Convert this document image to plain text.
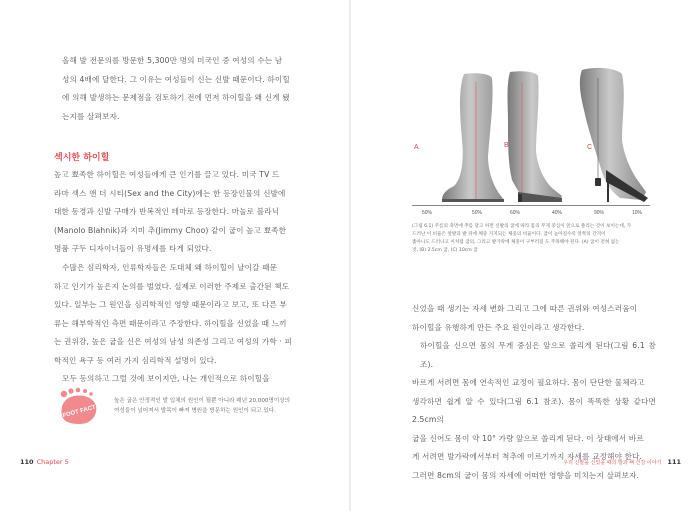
올해 발 전문의를 방문한 5,300만 명의 미국인 중 여성의 수는 남
성의 4배에 달한다. 그 이유는 여성들이 신는 신발 때문이다. 하이힐
에 의해 발생하는 문제점을 검토하기 전에 먼저 하이힐을 왜 신게 됐
는지를 살펴보자.

섹시한 하이힐

높고 뾰족한 하이힐은 여성들에게 큰 인기를 끌고 있다. 미국 TV 드
라마 섹스 앤 더 시티(Sex and the City)에는 한 등장인물의 신발에
대한 동경과 신발 구매가 반복적인 테마로 등장한다. 마놀로 블라닉
(Manolo Blahnik)과 지미 추(Jimmy Choo) 같이 굽이 높고 뾰족한
명품 구두 디자이너들이 유명세를 타게 되었다.
수많은 심리학자, 인류학자들은 도대체 왜 하이힐이 날이갈 때문
하고 인기가 높은지 논의를 벌였다. 실제로 이러한 주제로 출간된 책도
있다. 일부는 그 원인을 심리학적인 영향 때문이라고 보고, 또 다른 부
류는 해부학적인 측면 때문이라고 주장한다. 하이힐을 신었을 때 느끼
는 권위감, 높은 굽을 신은 여성의 남성 의존성 그리고 여성의 가학 · 피
학적인 욕구 등 여러 가지 심리학적 설명이 있다.
모두 동의하고 그럴 것에 보이지만, 나는 개인적으로 하이힐을
FOOT FACT
높은 굽은 안정적인 발 입체의 원인이 될뿐 아니라 매년 20,000명이상의
여성들이 넘어져서 발목이 빠져 병원을 방문하는 원인이 되고 있다.
110 Chapter 5
A	B	C
50%	50%	60%	40%	90%	10%
(그림 6.1) 주름의 축면에 추를 달고 하면 신발의 굽에 따라 몸의 무게 중심이 앞으로 쏠리는 것이 보이는데, 가
드러난 이 비율은 앞발과 발 뒤에 체중 지지되는 체중의 비율이다. 굽이 높아질수록 앞쪽의 간격이
좁아나도 드러나고 이처럼 굽의, 그리고 발가락에 체중이 구부러질 도 주목해야 된다. (A) 굽이 전혀 없는
것, (B) 2.5cm 굽, (C) 10cm 굽
신었을 때 생기는 자세 변화 그리고 그에 따른 권위와 여성스러움이
하이힐을 유행하게 만든 주요 원인이라고 생각한다.
하이힐을 신으면 몸의 무게 중심은 앞으로 쏠리게 된다(그림 6.1 참조).
바르게 서려면 몸에 연속적인 교정이 필요하다. 몸이 단단한 물체라고
생각하면 쉽게 알 수 있다(그림 6.1 참조). 몸이 똑똑한 상황 같다면 2.5cm의
굽을 신어도 몸이 약 10° 가량 앞으로 쏠리게 된다. 이 상태에서 바르
게 서려면 발가락에서부터 척추에 이르기까지 자세를 교정해야 한다.
그러면 8cm의 굽이 몸의 자세에 어떠한 영향을 미치는지 살펴보자.
우리 신발을 신었을 때의 발과 뼈 건강 이야기 111
